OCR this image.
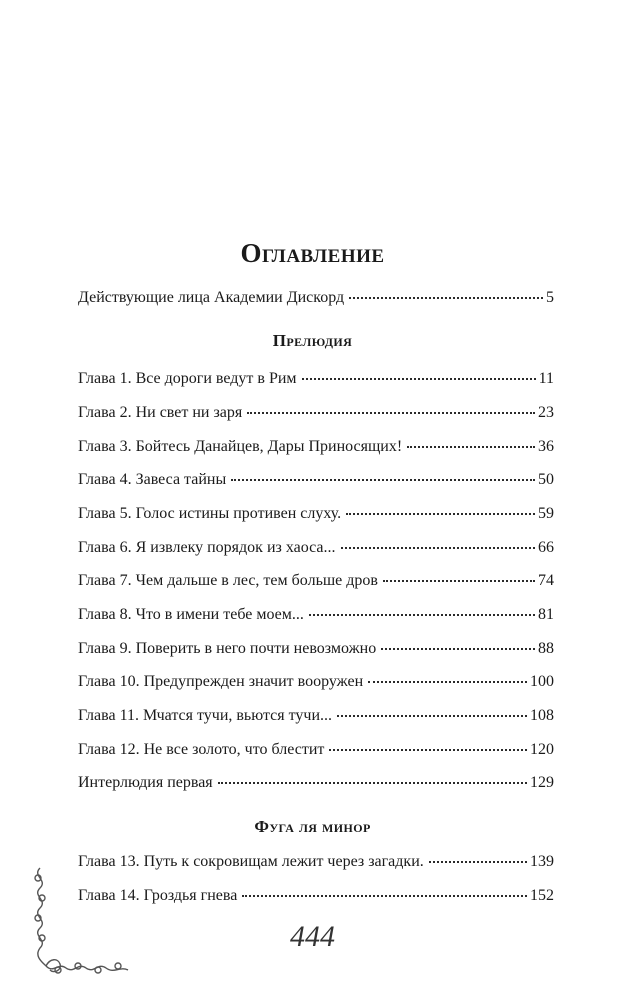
Оглавление
Действующие лица Академии Дискорд	5
Прелюдия
Глава 1. Все дороги ведут в Рим	11
Глава 2. Ни свет ни заря	23
Глава 3. Бойтесь Данайцев, Дары Приносящих!	36
Глава 4. Завеса тайны	50
Глава 5. Голос истины противен слуху.	59
Глава 6. Я извлеку порядок из хаоса...	66
Глава 7. Чем дальше в лес, тем больше дров	74
Глава 8. Что в имени тебе моем...	81
Глава 9. Поверить в него почти невозможно	88
Глава 10. Предупрежден значит вооружен	100
Глава 11. Мчатся тучи, вьются тучи...	108
Глава 12. Не все золото, что блестит	120
Интерлюдия первая	129
Фуга ля минор
Глава 13. Путь к сокровищам лежит через загадки.	139
Глава 14. Гроздья гнева	152
444
